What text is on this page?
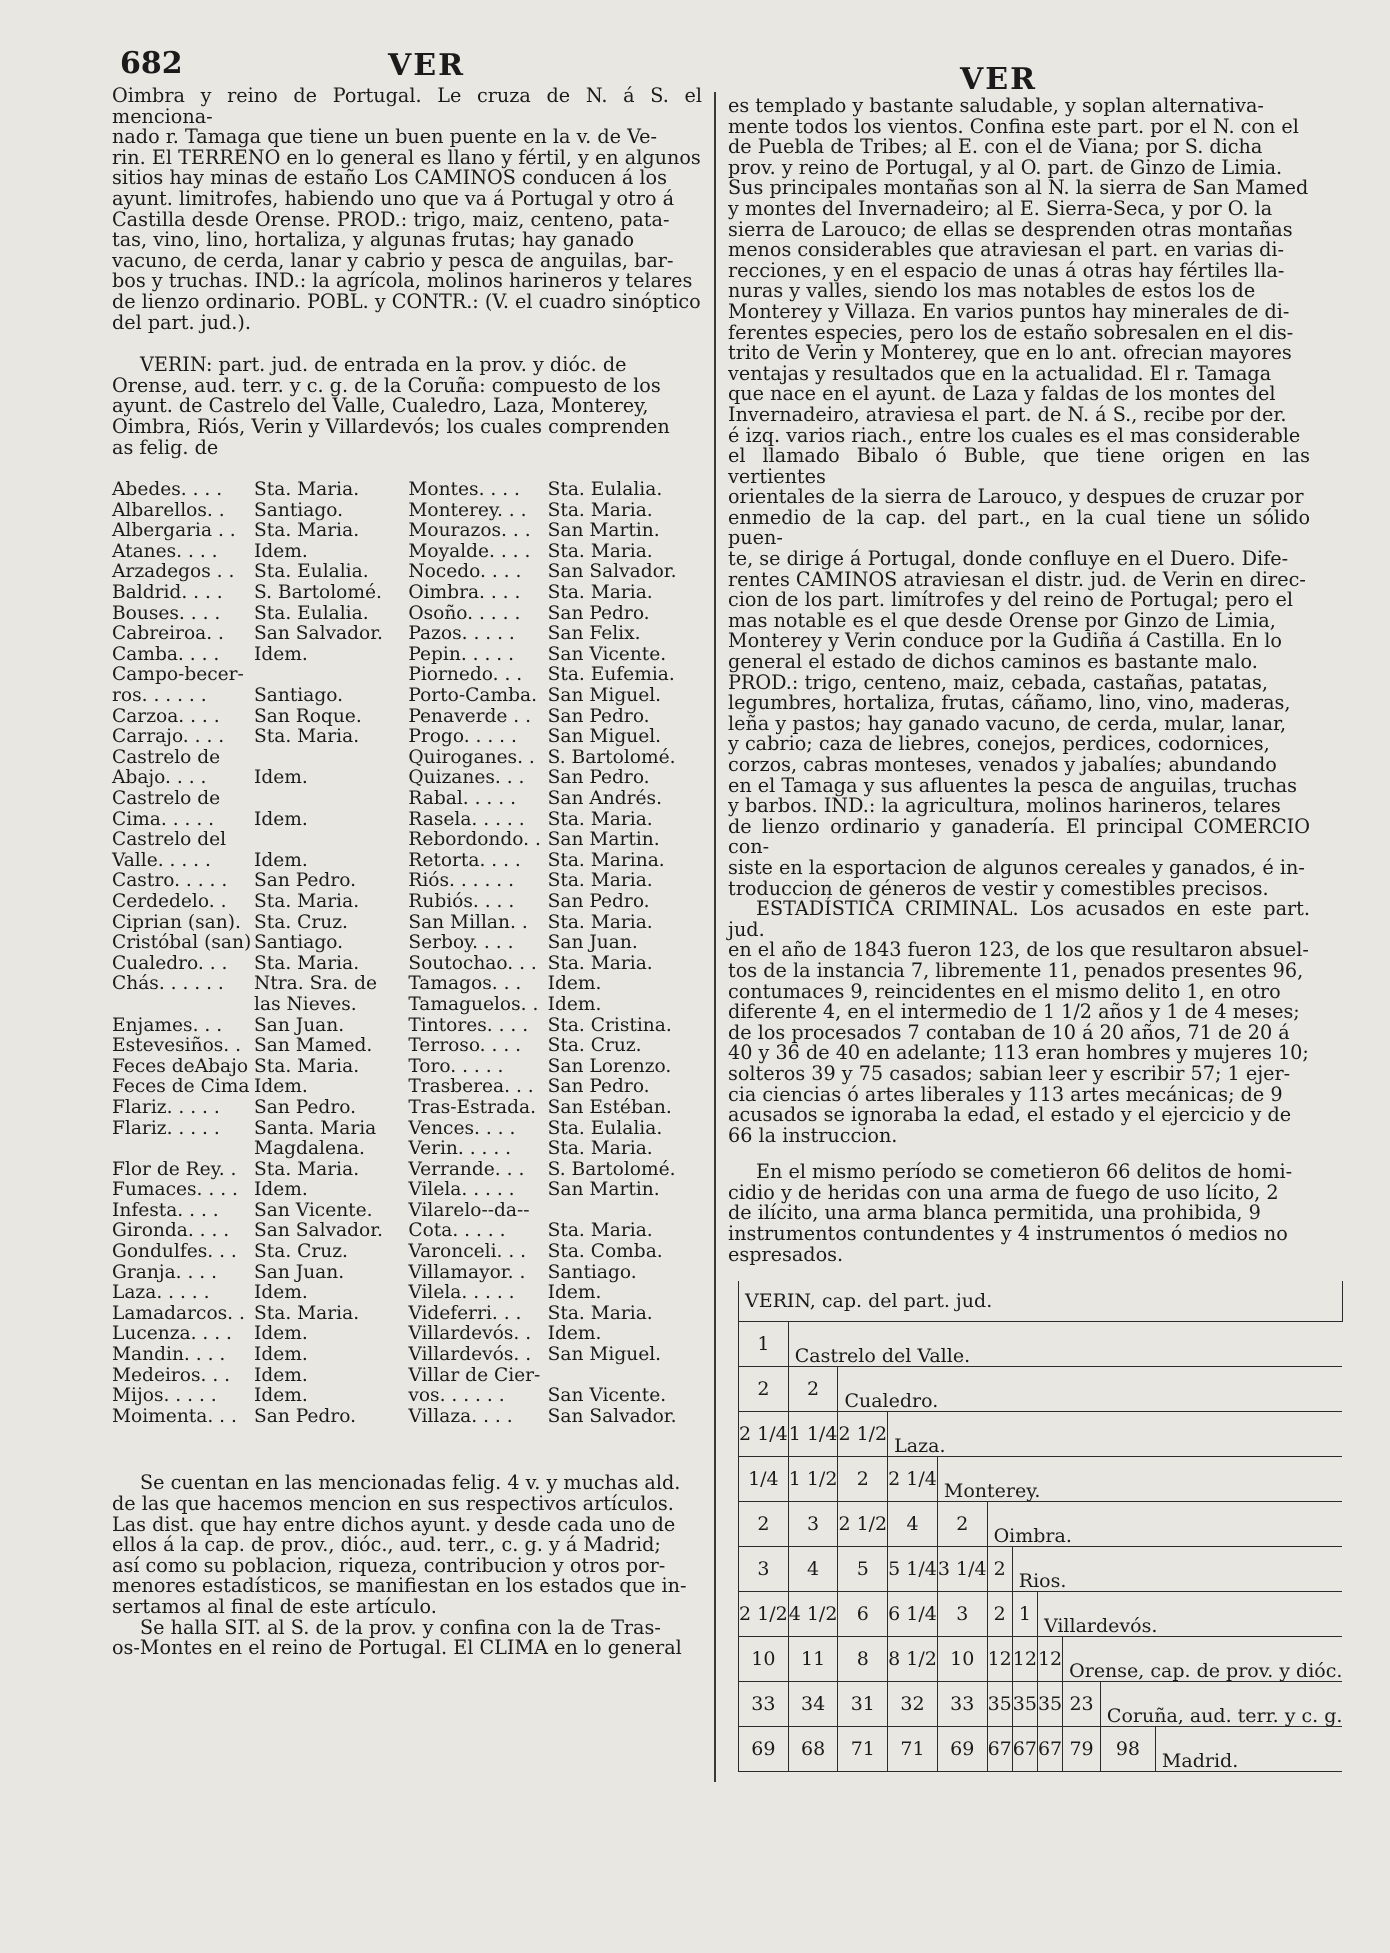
682	VER	VER

Oimbra y reino de Portugal. Le cruza de N. á S. el menciona-

nado r. Tamaga que tiene un buen puente en la v. de Ve-

rin. El TERRENO en lo general es llano y fértil, y en algunos

sitios hay minas de estaño Los CAMINOS conducen á los

ayunt. limitrofes, habiendo uno que va á Portugal y otro á

Castilla desde Orense. PROD.: trigo, maiz, centeno, pata-

tas, vino, lino, hortaliza, y algunas frutas; hay ganado

vacuno, de cerda, lanar y cabrio y pesca de anguilas, bar-

bos y truchas. IND.: la agrícola, molinos harineros y telares

de lienzo ordinario. POBL. y CONTR.: (V. el cuadro sinóptico

del part. jud.).

VERIN: part. jud. de entrada en la prov. y dióc. de

Orense, aud. terr. y c. g. de la Coruña: compuesto de los

ayunt. de Castrelo del Valle, Cualedro, Laza, Monterey,

Oimbra, Riós, Verin y Villardevós; los cuales comprenden

as felig. de

Abedes. . . .	Sta. Maria.	Montes. . . .	Sta. Eulalia.
Albarellos. .	Santiago.	Monterey. . .	Sta. Maria.
Albergaria . .	Sta. Maria.	Mourazos. . .	San Martin.
Atanes. . . .	Idem.	Moyalde. . . .	Sta. Maria.
Arzadegos . .	Sta. Eulalia.	Nocedo. . . .	San Salvador.
Baldrid. . . .	S. Bartolomé.	Oimbra. . . .	Sta. Maria.
Bouses. . . .	Sta. Eulalia.	Osoño. . . . .	San Pedro.
Cabreiroa. .	San Salvador.	Pazos. . . . .	San Felix.
Camba. . . .	Idem.	Pepin. . . . .	San Vicente.
Campo-becer-		Piornedo. . .	Sta. Eufemia.
ros. . . . . .	Santiago.	Porto-Camba.	San Miguel.
Carzoa. . . .	San Roque.	Penaverde . .	San Pedro.
Carrajo. . . .	Sta. Maria.	Progo. . . . .	San Miguel.
Castrelo de		Quiroganes. .	S. Bartolomé.
Abajo. . . .	Idem.	Quizanes. . .	San Pedro.
Castrelo de		Rabal. . . . .	San Andrés.
Cima. . . . .	Idem.	Rasela. . . . .	Sta. Maria.
Castrelo del		Rebordondo. .	San Martin.
Valle. . . . .	Idem.	Retorta. . . .	Sta. Marina.
Castro. . . . .	San Pedro.	Riós. . . . . .	Sta. Maria.
Cerdedelo. .	Sta. Maria.	Rubiós. . . .	San Pedro.
Ciprian (san).	Sta. Cruz.	San Millan. .	Sta. Maria.
Cristóbal (san)	Santiago.	Serboy. . . .	San Juan.
Cualedro. . .	Sta. Maria.	Soutochao. . .	Sta. Maria.
Chás. . . . . .	Ntra. Sra. de	Tamagos. . .	Idem.
	las Nieves.	Tamaguelos. .	Idem.
Enjames. . .	San Juan.	Tintores. . . .	Sta. Cristina.
Estevesiños. .	San Mamed.	Terroso. . . .	Sta. Cruz.
Feces deAbajo	Sta. Maria.	Toro. . . . .	San Lorenzo.
Feces de Cima	Idem.	Trasberea. . .	San Pedro.
Flariz. . . . .	San Pedro.	Tras-Estrada.	San Estéban.
Flariz. . . . .	Santa. Maria	Vences. . . .	Sta. Eulalia.
	Magdalena.	Verin. . . . .	Sta. Maria.
Flor de Rey. .	Sta. Maria.	Verrande. . .	S. Bartolomé.
Fumaces. . . .	Idem.	Vilela. . . . .	San Martin.
Infesta. . . .	San Vicente.	Vilarelo--da--	
Gironda. . . .	San Salvador.	Cota. . . . .	Sta. Maria.
Gondulfes. . .	Sta. Cruz.	Varonceli. . .	Sta. Comba.
Granja. . . .	San Juan.	Villamayor. .	Santiago.
Laza. . . . .	Idem.	Vilela. . . . .	Idem.
Lamadarcos. .	Sta. Maria.	Videferri. . .	Sta. Maria.
Lucenza. . . .	Idem.	Villardevós. .	Idem.
Mandin. . . .	Idem.	Villardevós. .	San Miguel.
Medeiros. . .	Idem.	Villar de Cier-	
Mijos. . . . .	Idem.	vos. . . . . .	San Vicente.
Moimenta. . .	San Pedro.	Villaza. . . .	San Salvador.

Se cuentan en las mencionadas felig. 4 v. y muchas ald.

de las que hacemos mencion en sus respectivos artículos.

Las dist. que hay entre dichos ayunt. y desde cada uno de

ellos á la cap. de prov., dióc., aud. terr., c. g. y á Madrid;

así como su poblacion, riqueza, contribucion y otros por-

menores estadísticos, se manifiestan en los estados que in-

sertamos al final de este artículo.

Se halla SIT. al S. de la prov. y confina con la de Tras-

os-Montes en el reino de Portugal. El CLIMA en lo general

es templado y bastante saludable, y soplan alternativa-

mente todos los vientos. Confina este part. por el N. con el

de Puebla de Tribes; al E. con el de Viana; por S. dicha

prov. y reino de Portugal, y al O. part. de Ginzo de Limia.

Sus principales montañas son al N. la sierra de San Mamed

y montes del Invernadeiro; al E. Sierra-Seca, y por O. la

sierra de Larouco; de ellas se desprenden otras montañas

menos considerables que atraviesan el part. en varias di-

recciones, y en el espacio de unas á otras hay fértiles lla-

nuras y valles, siendo los mas notables de estos los de

Monterey y Villaza. En varios puntos hay minerales de di-

ferentes especies, pero los de estaño sobresalen en el dis-

trito de Verin y Monterey, que en lo ant. ofrecian mayores

ventajas y resultados que en la actualidad. El r. Tamaga

que nace en el ayunt. de Laza y faldas de los montes del

Invernadeiro, atraviesa el part. de N. á S., recibe por der.

é izq. varios riach., entre los cuales es el mas considerable

el llamado Bibalo ó Buble, que tiene origen en las vertientes

orientales de la sierra de Larouco, y despues de cruzar por

enmedio de la cap. del part., en la cual tiene un sólido puen-

te, se dirige á Portugal, donde confluye en el Duero. Dife-

rentes CAMINOS atraviesan el distr. jud. de Verin en direc-

cion de los part. limítrofes y del reino de Portugal; pero el

mas notable es el que desde Orense por Ginzo de Limia,

Monterey y Verin conduce por la Gudiña á Castilla. En lo

general el estado de dichos caminos es bastante malo.

PROD.: trigo, centeno, maiz, cebada, castañas, patatas,

legumbres, hortaliza, frutas, cáñamo, lino, vino, maderas,

leña y pastos; hay ganado vacuno, de cerda, mular, lanar,

y cabrio; caza de liebres, conejos, perdices, codornices,

corzos, cabras monteses, venados y jabalíes; abundando

en el Tamaga y sus afluentes la pesca de anguilas, truchas

y barbos. IND.: la agricultura, molinos harineros, telares

de lienzo ordinario y ganadería. El principal COMERCIO con-

siste en la esportacion de algunos cereales y ganados, é in-

troduccion de géneros de vestir y comestibles precisos.

ESTADÍSTICA CRIMINAL. Los acusados en este part. jud.

en el año de 1843 fueron 123, de los que resultaron absuel-

tos de la instancia 7, libremente 11, penados presentes 96,

contumaces 9, reincidentes en el mismo delito 1, en otro

diferente 4, en el intermedio de 1 1/2 años y 1 de 4 meses;

de los procesados 7 contaban de 10 á 20 años, 71 de 20 á

40 y 36 de 40 en adelante; 113 eran hombres y mujeres 10;

solteros 39 y 75 casados; sabian leer y escribir 57; 1 ejer-

cia ciencias ó artes liberales y 113 artes mecánicas; de 9

acusados se ignoraba la edad, el estado y el ejercicio y de

66 la instruccion.

En el mismo período se cometieron 66 delitos de homi-

cidio y de heridas con una arma de fuego de uso lícito, 2

de ilícito, una arma blanca permitida, una prohibida, 9

instrumentos contundentes y 4 instrumentos ó medios no

espresados.

VERIN, cap. del part. jud.										
1	Castrelo del Valle.									
2	2	Cualedro.								
2 1/4	1 1/4	2 1/2	Laza.							
1/4	1 1/2	2	2 1/4	Monterey.						
2	3	2 1/2	4	2	Oimbra.					
3	4	5	5 1/4	3 1/4	2	Rios.				
2 1/2	4 1/2	6	6 1/4	3	2	1	Villardevós.			
10	11	8	8 1/2	10	12	12	12	Orense, cap. de prov. y dióc.		
33	34	31	32	33	35	35	35	23	Coruña, aud. terr. y c. g.	
69	68	71	71	69	67	67	67	79	98	Madrid.
